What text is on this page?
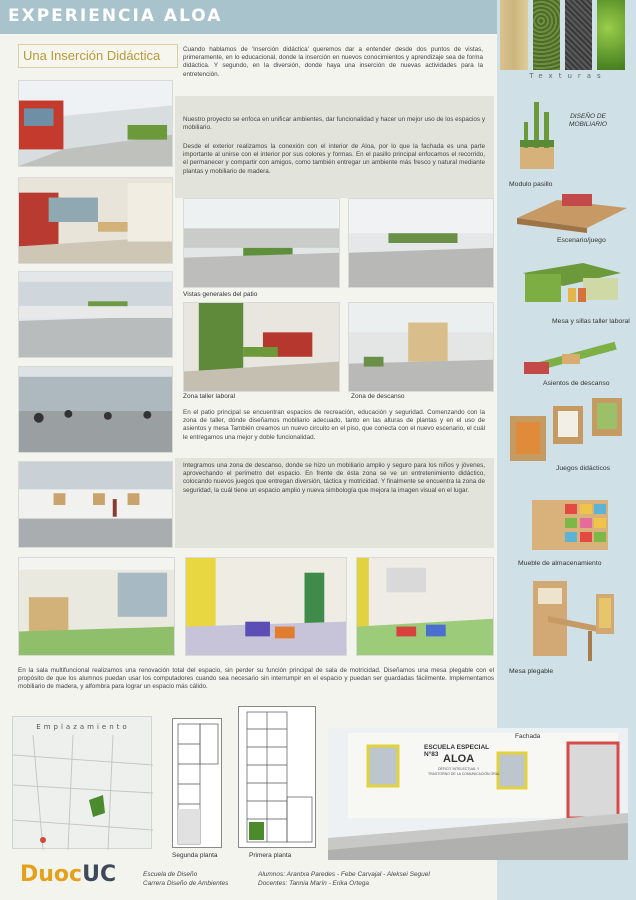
EXPERIENCIA ALOA
Una Inserción Didáctica
Texturas
Cuando hablamos de 'Inserción didáctica' queremos dar a entender desde dos puntos de vistas, primeramente, en lo educacional, donde la inserción en nuevos conocimientos y aprendizaje sea de forma didáctica. Y segundo, en la diversión, donde haya una inserción de nuevas actividades para la entretención.
Nuestro proyecto se enfoca en unificar ambientes, dar funcionalidad y hacer un mejor uso de los espacios y mobiliario.
Desde el exterior realizamos la conexión con el interior de Aloa, por lo que la fachada es una parte importante al unirse con el interior por sus colores y formas. En el pasillo principal enfocamos el recorrido, el permanecer y compartir con amigos, como también entregar un ambiente más fresco y natural mediante plantas y mobiliario de madera.
Vistas generales del patio
Zona taller laboral	Zona de descanso
En el patio principal se encuentran espacios de recreación, educación y seguridad. Comenzando con la zona de taller, dónde diseñamos mobiliario adecuado, tanto en las alturas de plantas y en el uso de asientos y mesa También creamos un nuevo circuito en el piso, que conecta con el nuevo escenario, el cuál le entregamos una mejor y doble funcionalidad.
Integramos una zona de descanso, donde se hizo un mobiliario amplio y seguro para los niños y jóvenes, aprovechando el perímetro del espacio. En frente de ésta zona se ve un entretenimiento didáctico, colocando nuevos juegos que entregan diversión, táctica y motricidad. Y finalmente se encuentra la zona de seguridad, la cuál tiene un espacio amplio y nueva simbología que mejora la imagen visual en el lugar.
En la sala multifuncional realizamos una renovación total del espacio, sin perder su función principal de sala de motricidad. Diseñamos una mesa plegable con el propósito de que los alumnos puedan usar los computadores cuando sea necesario sin interrumpir en el espacio y puedan ser guardadas fácilmente. Implementamos mobiliario de madera, y alfombra para lograr un espacio más cálido.
Emplazamiento
Segunda planta	Primera planta
ESCUELA ESPECIAL N°83 ALOA
DÉFICIT INTELECTUAL Y
TRASTORNO DE LA COMUNICACIÓN ORAL
Fachada
DISEÑO DE MOBILIARIO
Modulo pasillo
Escenario/juego
Mesa y sillas taller laboral
Asientos de descanso
Juegos didácticos
Mueble de almacenamiento
Mesa plegable
DuocUC	Escuela de Diseño
Carrera Diseño de Ambientes
Alumnos: Arantxa Paredes - Febe Carvajal - Aleksei Seguel
Docentes: Tannia Marín - Erika Ortega
